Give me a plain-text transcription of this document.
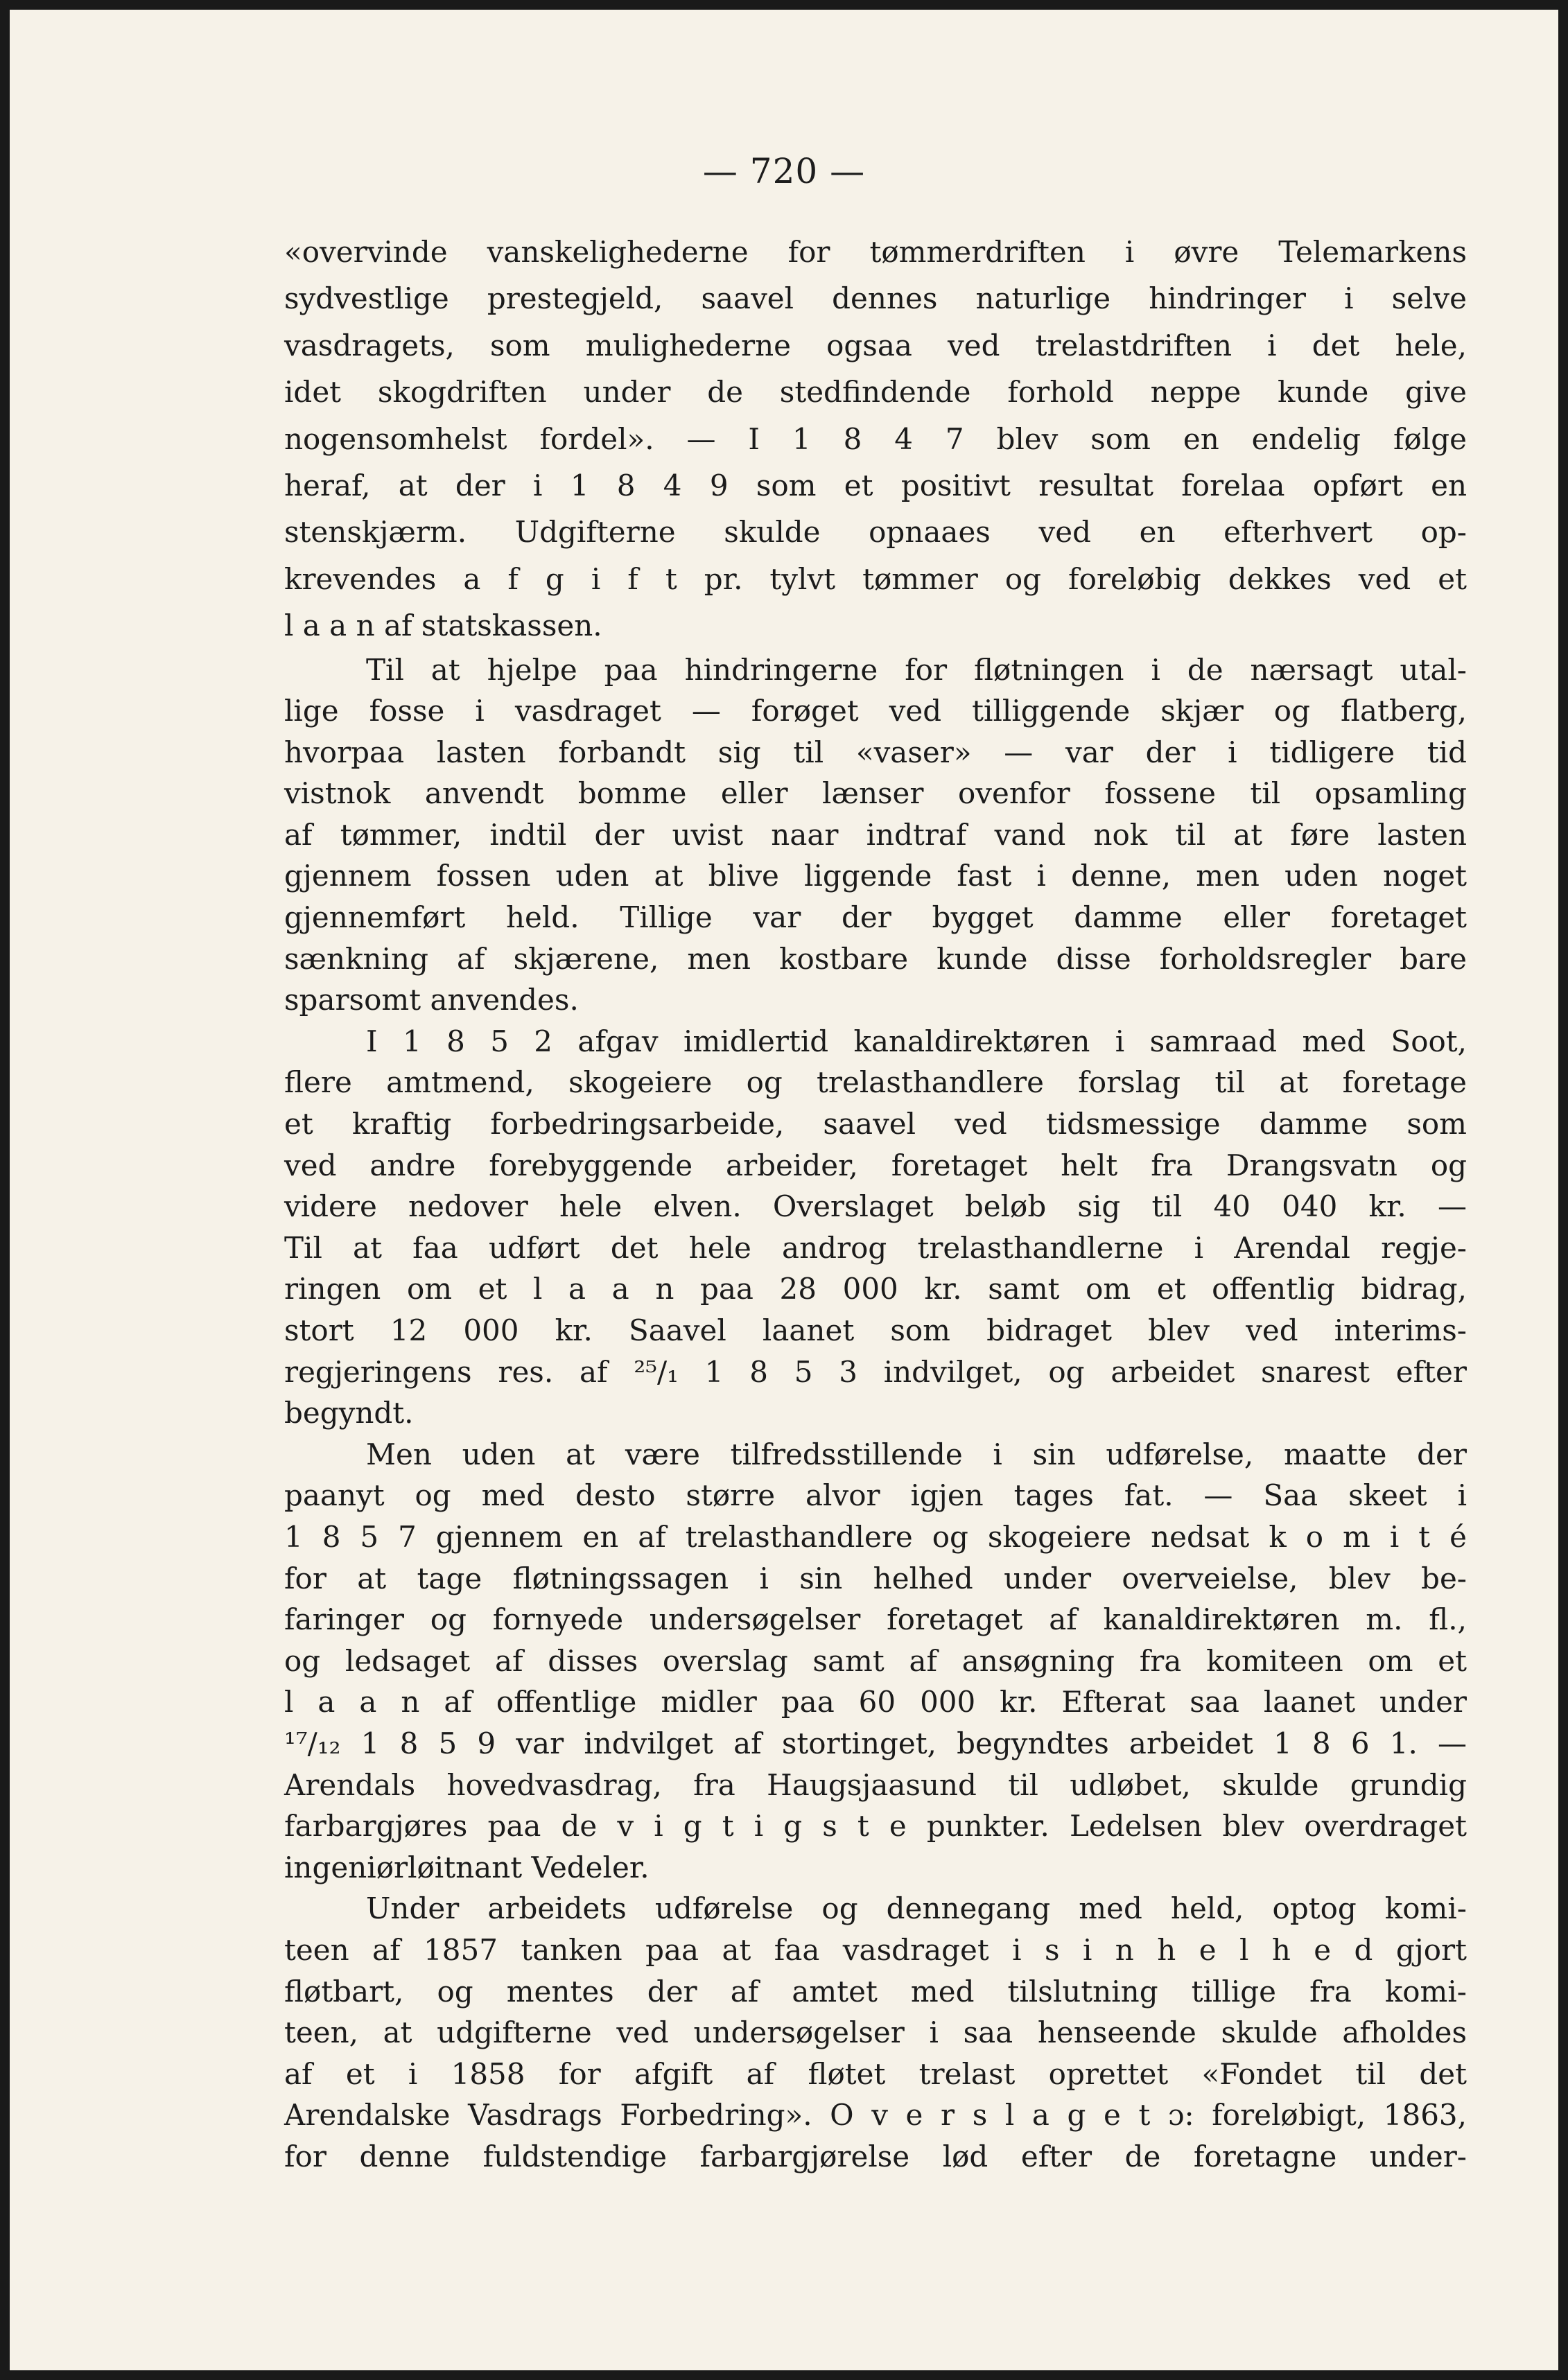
— 720 —
«overvinde vanskelighederne for tømmerdriften i øvre Telemarkens
sydvestlige prestegjeld, saavel dennes naturlige hindringer i selve
vasdragets, som mulighederne ogsaa ved trelastdriften i det hele,
idet skogdriften under de stedfindende forhold neppe kunde give
nogensomhelst fordel». — I 1 8 4 7 blev som en endelig følge
heraf, at der i 1 8 4 9 som et positivt resultat forelaa opført en
stenskjærm. Udgifterne skulde opnaaes ved en efterhvert op-
krevendes a f g i f t pr. tylvt tømmer og foreløbig dekkes ved et
l a a n af statskassen.
Til at hjelpe paa hindringerne for fløtningen i de nærsagt utal-
lige fosse i vasdraget — forøget ved tilliggende skjær og flatberg,
hvorpaa lasten forbandt sig til «vaser» — var der i tidligere tid
vistnok anvendt bomme eller lænser ovenfor fossene til opsamling
af tømmer, indtil der uvist naar indtraf vand nok til at føre lasten
gjennem fossen uden at blive liggende fast i denne, men uden noget
gjennemført held. Tillige var der bygget damme eller foretaget
sænkning af skjærene, men kostbare kunde disse forholdsregler bare
sparsomt anvendes.
I 1 8 5 2 afgav imidlertid kanaldirektøren i samraad med Soot,
flere amtmend, skogeiere og trelasthandlere forslag til at foretage
et kraftig forbedringsarbeide, saavel ved tidsmessige damme som
ved andre forebyggende arbeider, foretaget helt fra Drangsvatn og
videre nedover hele elven. Overslaget beløb sig til 40 040 kr. —
Til at faa udført det hele androg trelasthandlerne i Arendal regje-
ringen om et l a a n paa 28 000 kr. samt om et offentlig bidrag,
stort 12 000 kr. Saavel laanet som bidraget blev ved interims-
regjeringens res. af ²⁵/₁ 1 8 5 3 indvilget, og arbeidet snarest efter
begyndt.
Men uden at være tilfredsstillende i sin udførelse, maatte der
paanyt og med desto større alvor igjen tages fat. — Saa skeet i
1 8 5 7 gjennem en af trelasthandlere og skogeiere nedsat k o m i t é
for at tage fløtningssagen i sin helhed under overveielse, blev be-
faringer og fornyede undersøgelser foretaget af kanaldirektøren m. fl.,
og ledsaget af disses overslag samt af ansøgning fra komiteen om et
l a a n af offentlige midler paa 60 000 kr. Efterat saa laanet under
¹⁷/₁₂ 1 8 5 9 var indvilget af stortinget, begyndtes arbeidet 1 8 6 1. —
Arendals hovedvasdrag, fra Haugsjaasund til udløbet, skulde grundig
farbargjøres paa de v i g t i g s t e punkter. Ledelsen blev overdraget
ingeniørløitnant Vedeler.
Under arbeidets udførelse og dennegang med held, optog komi-
teen af 1857 tanken paa at faa vasdraget i s i n h e l h e d gjort
fløtbart, og mentes der af amtet med tilslutning tillige fra komi-
teen, at udgifterne ved undersøgelser i saa henseende skulde afholdes
af et i 1858 for afgift af fløtet trelast oprettet «Fondet til det
Arendalske Vasdrags Forbedring». O v e r s l a g e t ɔ: foreløbigt, 1863,
for denne fuldstendige farbargjørelse lød efter de foretagne under-
